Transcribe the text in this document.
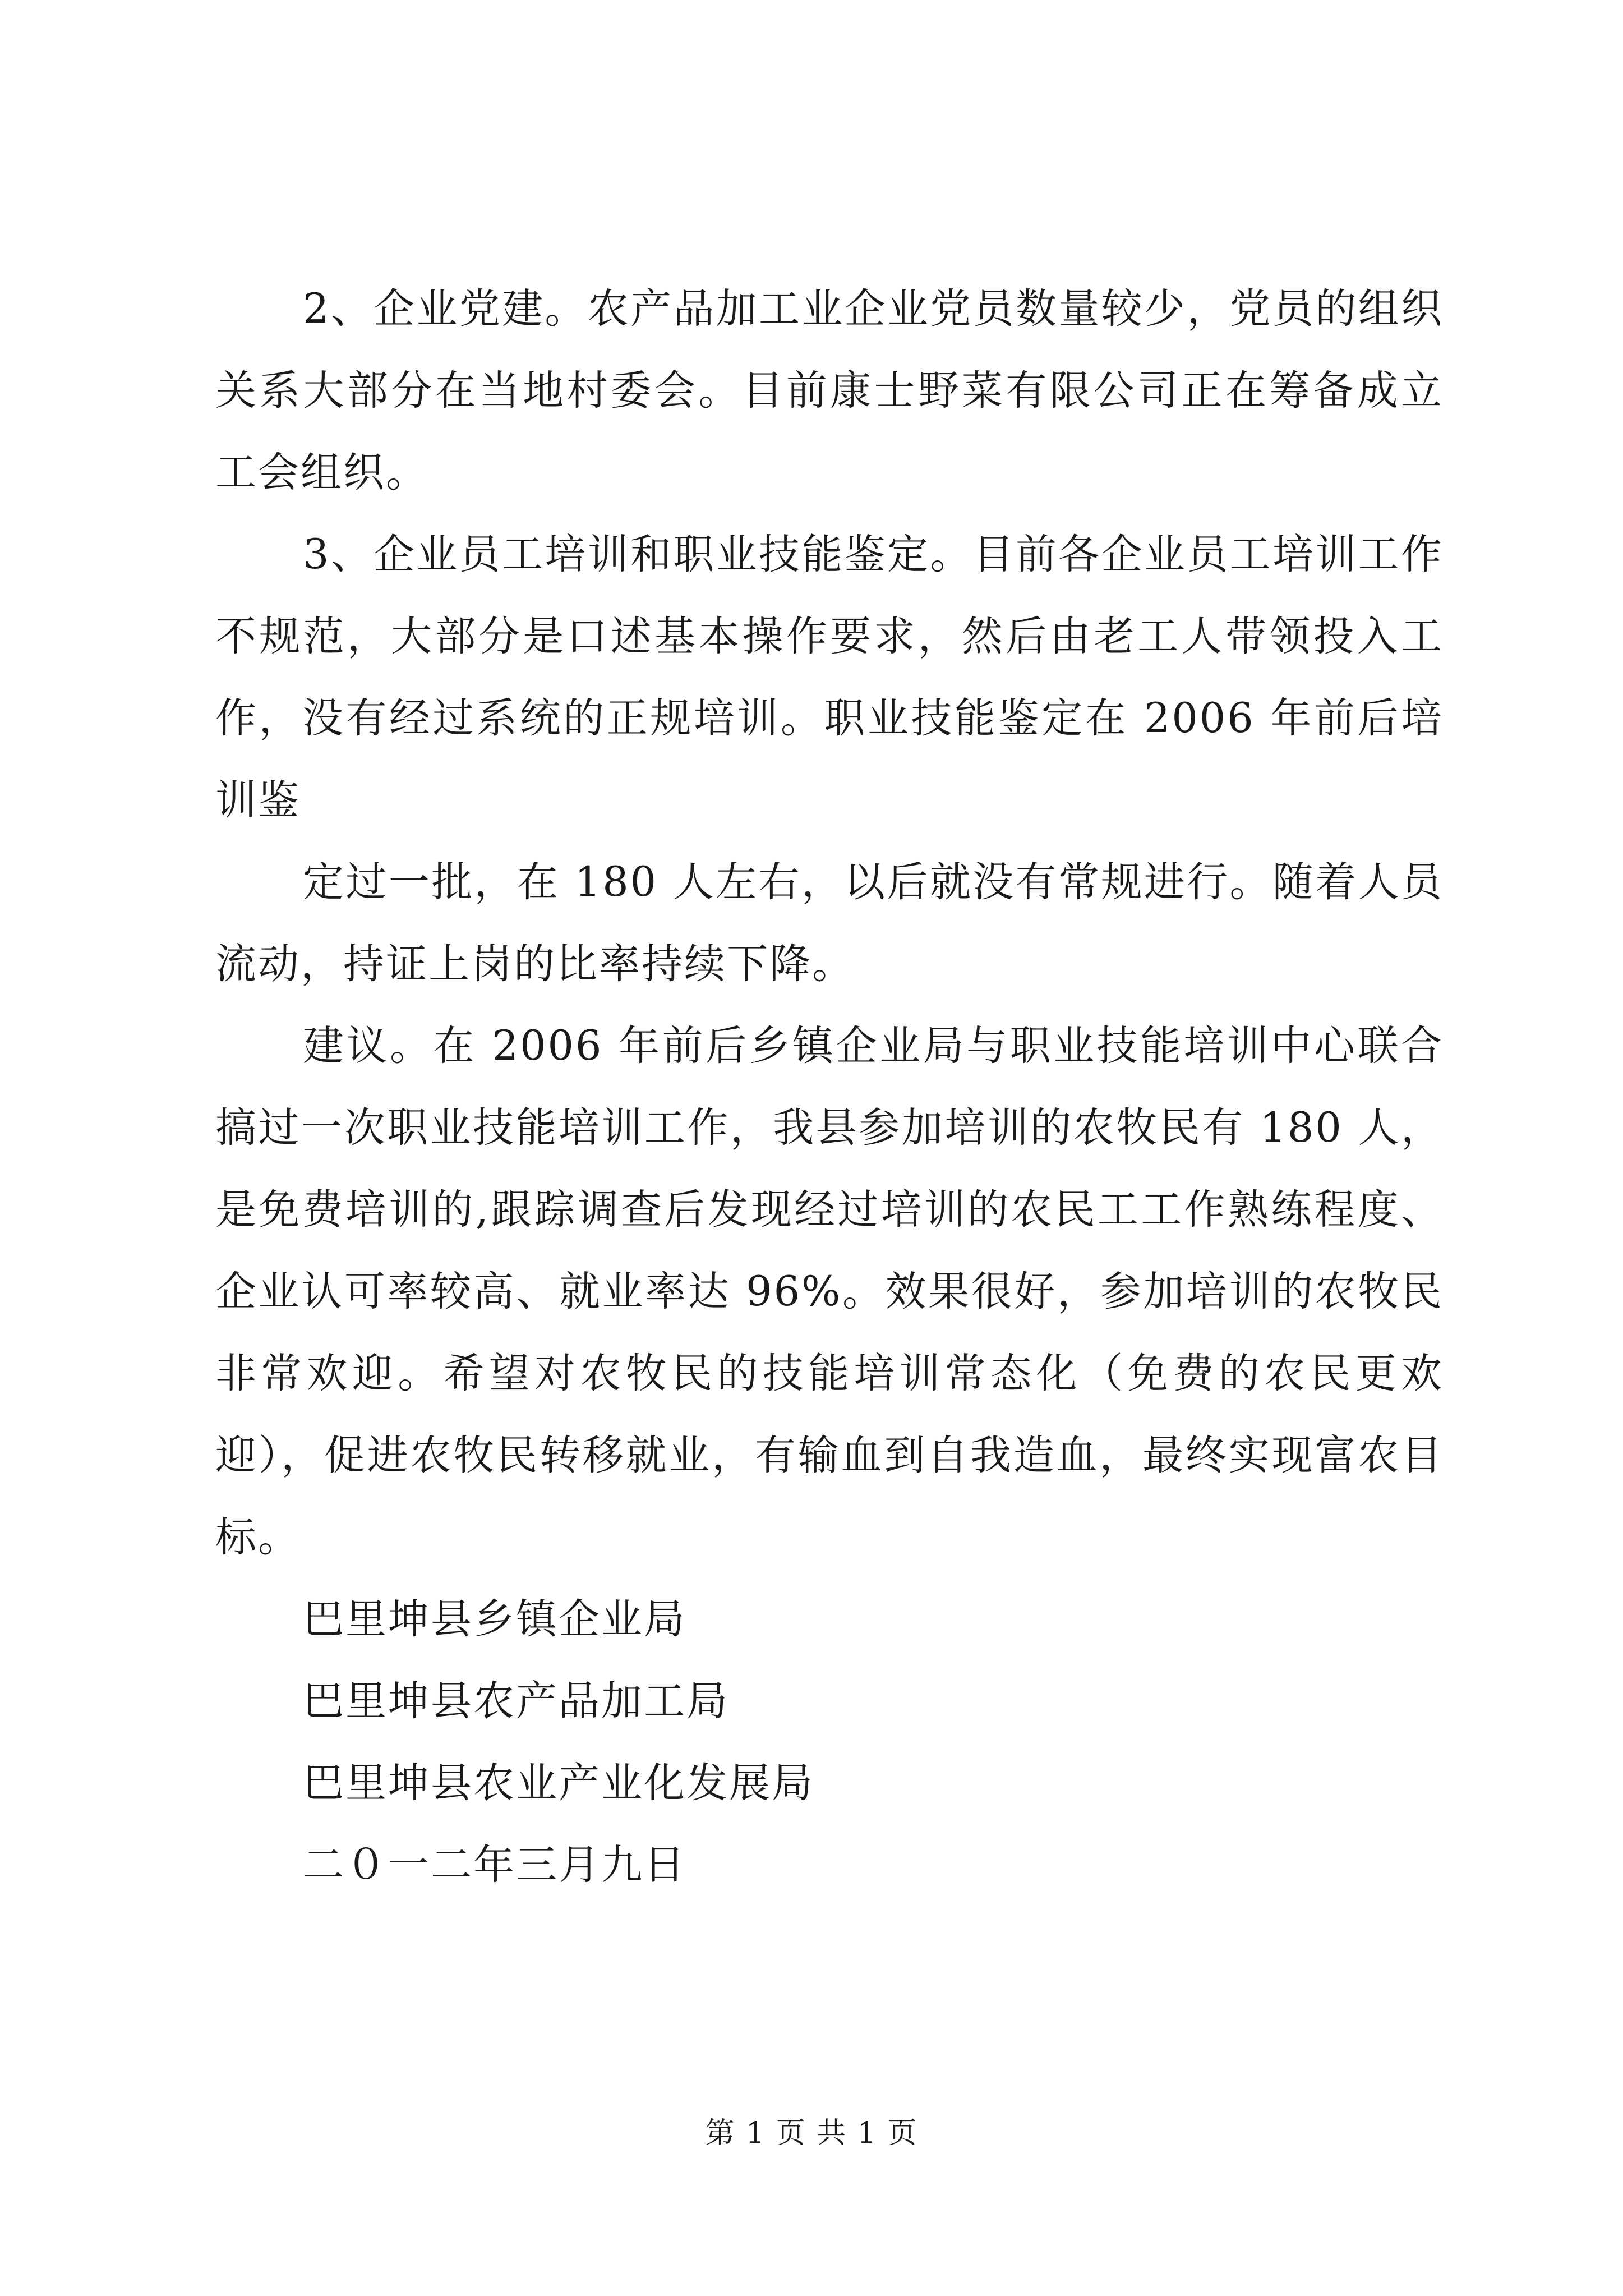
2、企业党建。农产品加工业企业党员数量较少，党员的组织关系大部分在当地村委会。目前康士野菜有限公司正在筹备成立工会组织。

3、企业员工培训和职业技能鉴定。目前各企业员工培训工作不规范，大部分是口述基本操作要求，然后由老工人带领投入工作，没有经过系统的正规培训。职业技能鉴定在 2006 年前后培训鉴

定过一批，在 180 人左右，以后就没有常规进行。随着人员流动，持证上岗的比率持续下降。

建议。在 2006 年前后乡镇企业局与职业技能培训中心联合搞过一次职业技能培训工作，我县参加培训的农牧民有 180 人，是免费培训的,跟踪调查后发现经过培训的农民工工作熟练程度、企业认可率较高、就业率达 96%。效果很好，参加培训的农牧民非常欢迎。希望对农牧民的技能培训常态化（免费的农民更欢迎），促进农牧民转移就业，有输血到自我造血，最终实现富农目标。

巴里坤县乡镇企业局

巴里坤县农产品加工局

巴里坤县农业产业化发展局

二０一二年三月九日

第 1 页 共 1 页
